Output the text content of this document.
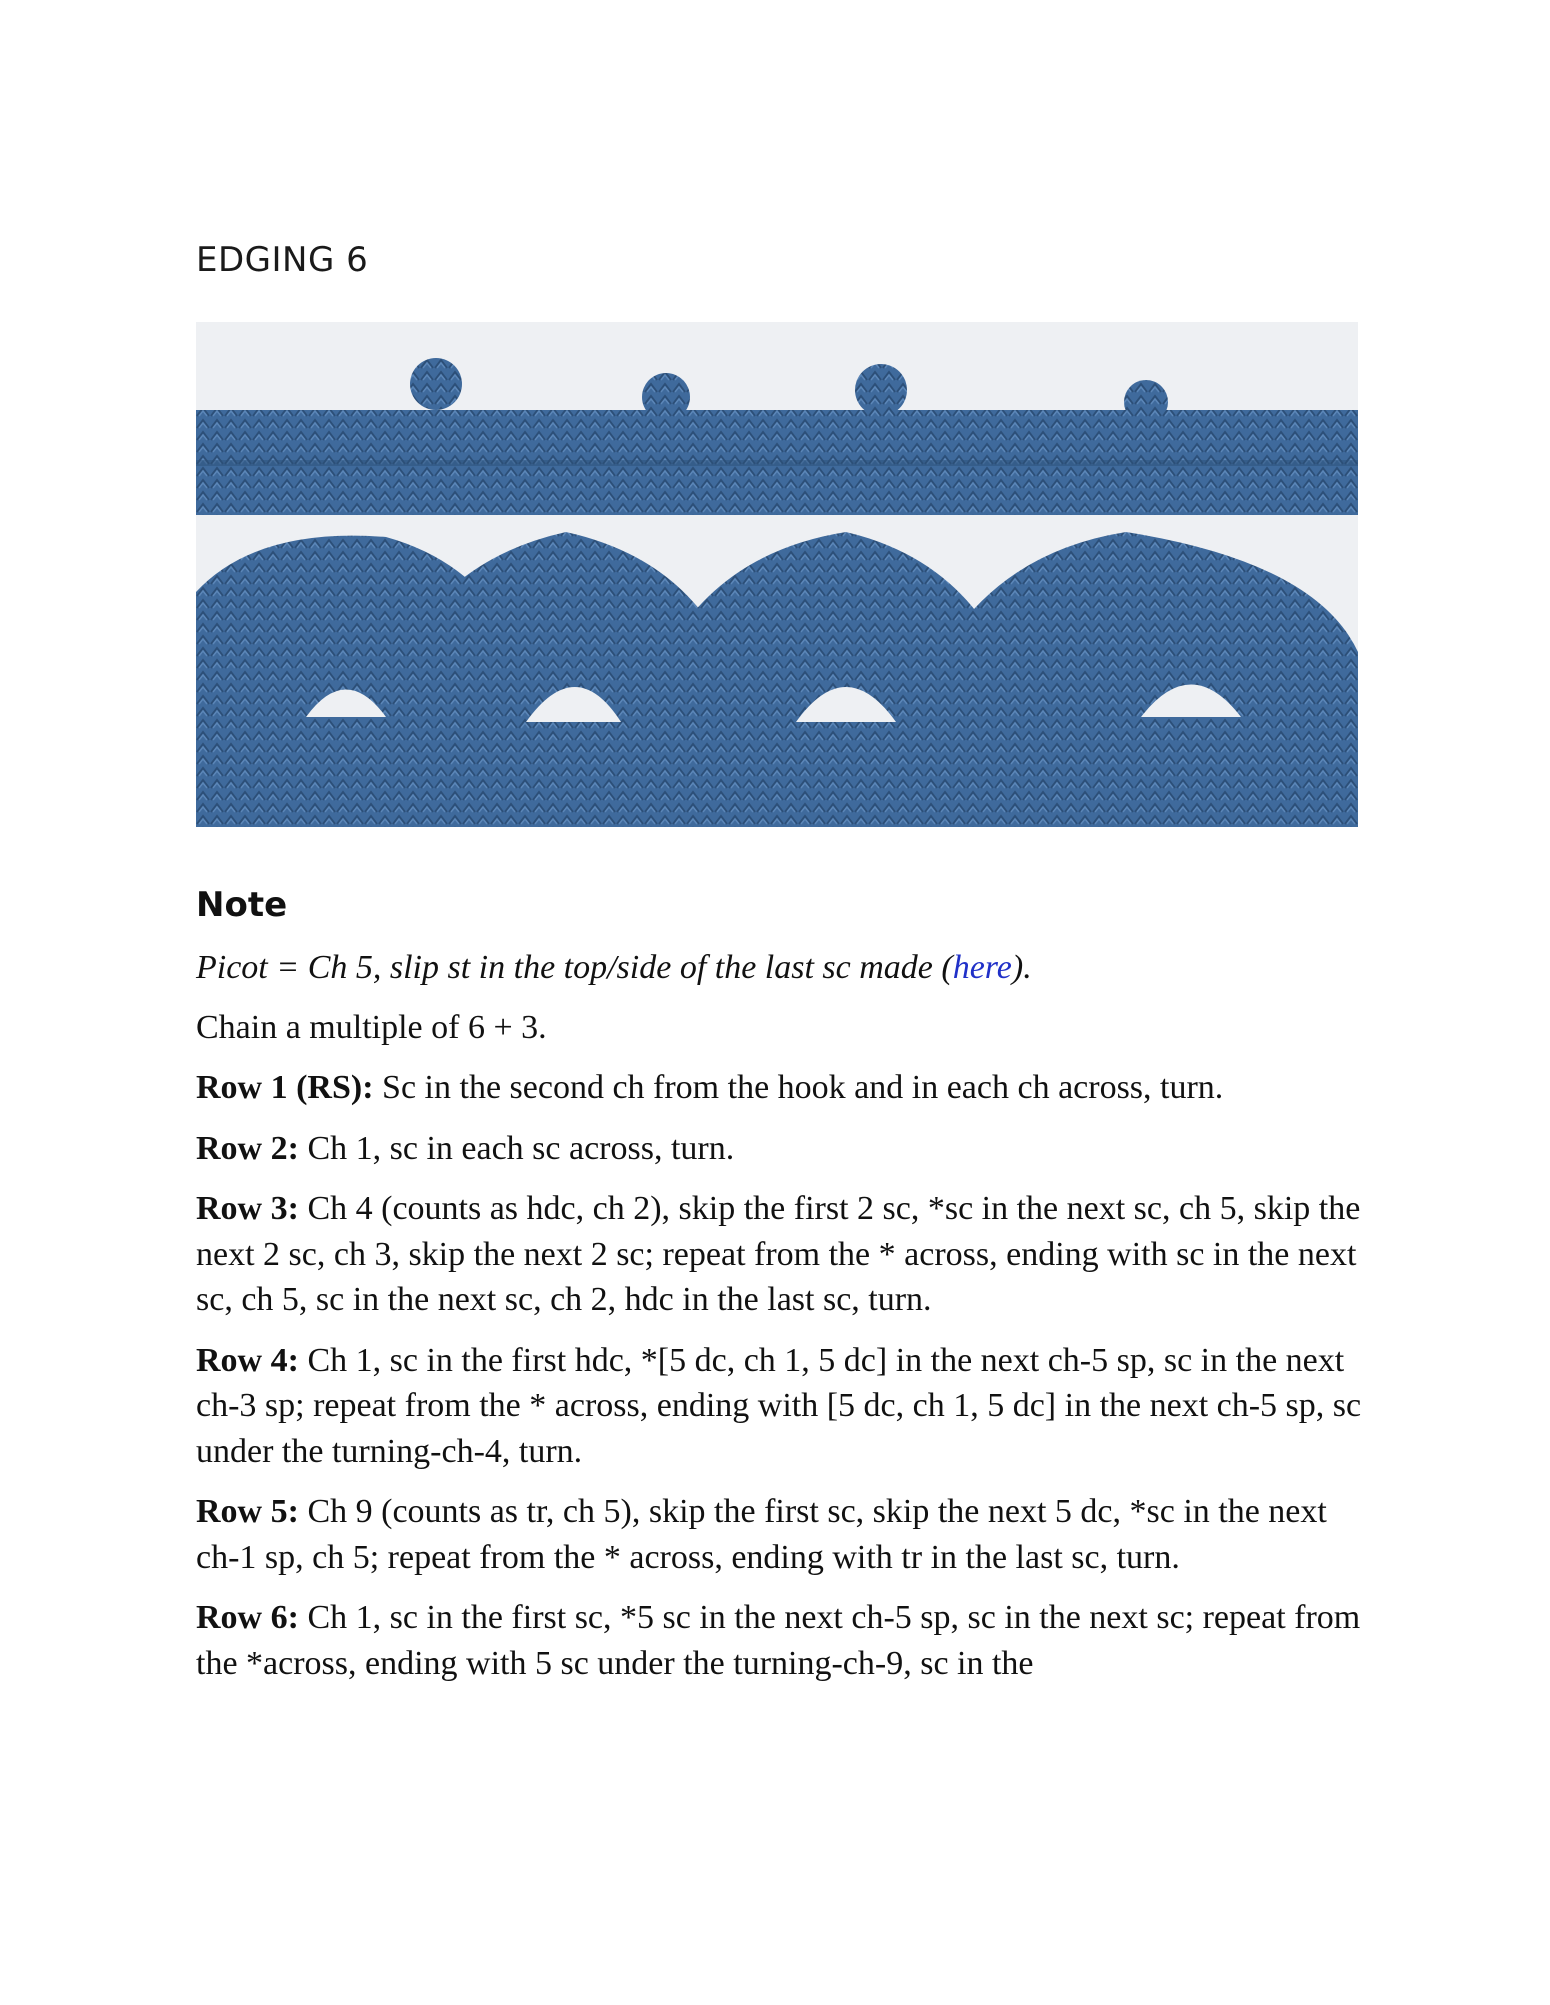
EDGING 6
Note

Picot = Ch 5, slip st in the top/side of the last sc made (here).

Chain a multiple of 6 + 3.

Row 1 (RS): Sc in the second ch from the hook and in each ch across, turn.

Row 2: Ch 1, sc in each sc across, turn.

Row 3: Ch 4 (counts as hdc, ch 2), skip the first 2 sc, *sc in the next sc, ch 5, skip the next 2 sc, ch 3, skip the next 2 sc; repeat from the * across, ending with sc in the next sc, ch 5, sc in the next sc, ch 2, hdc in the last sc, turn.

Row 4: Ch 1, sc in the first hdc, *[5 dc, ch 1, 5 dc] in the next ch-5 sp, sc in the next ch-3 sp; repeat from the * across, ending with [5 dc, ch 1, 5 dc] in the next ch-5 sp, sc under the turning-ch-4, turn.

Row 5: Ch 9 (counts as tr, ch 5), skip the first sc, skip the next 5 dc, *sc in the next ch-1 sp, ch 5; repeat from the * across, ending with tr in the last sc, turn.

Row 6: Ch 1, sc in the first sc, *5 sc in the next ch-5 sp, sc in the next sc; repeat from the *across, ending with 5 sc under the turning-ch-9, sc in the
